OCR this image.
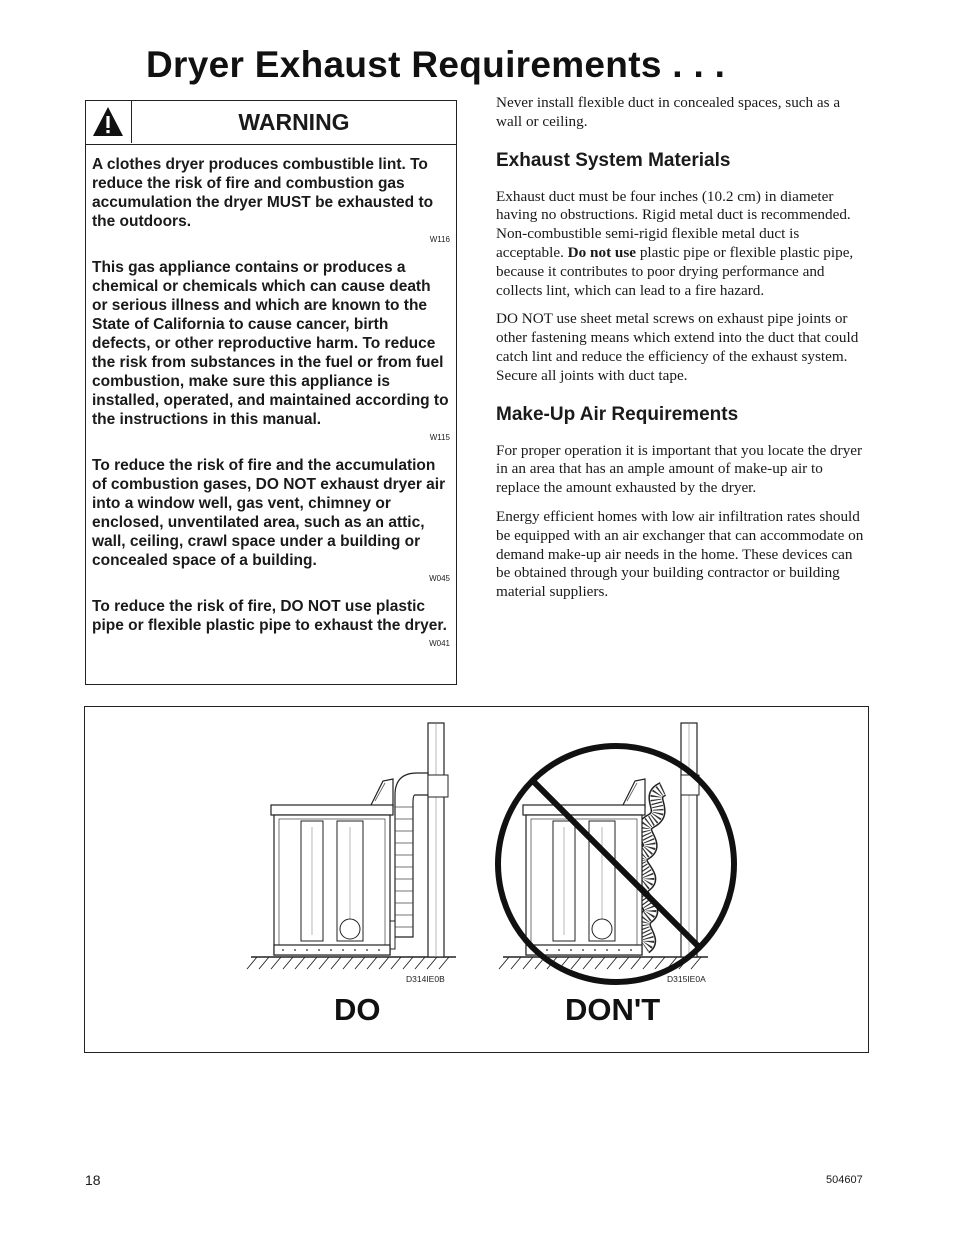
Dryer Exhaust Requirements . . .
WARNING

A clothes dryer produces combustible lint. To reduce the risk of fire and combustion gas accumulation the dryer MUST be exhausted to the outdoors.

W116

This gas appliance contains or produces a chemical or chemicals which can cause death or serious illness and which are known to the State of California to cause cancer, birth defects, or other reproductive harm. To reduce the risk from substances in the fuel or from fuel combustion, make sure this appliance is installed, operated, and maintained according to the instructions in this manual.

W115

To reduce the risk of fire and the accumulation of combustion gases, DO NOT exhaust dryer air into a window well, gas vent, chimney or enclosed, unventilated area, such as an attic, wall, ceiling, crawl space under a building or concealed space of a building.

W045

To reduce the risk of fire, DO NOT use plastic pipe or flexible plastic pipe to exhaust the dryer.

W041

Never install flexible duct in concealed spaces, such as a wall or ceiling.

Exhaust System Materials

Exhaust duct must be four inches (10.2 cm) in diameter having no obstructions. Rigid metal duct is recommended. Non-combustible semi-rigid flexible metal duct is acceptable. Do not use plastic pipe or flexible plastic pipe, because it contributes to poor drying performance and collects lint, which can lead to a fire hazard.

DO NOT use sheet metal screws on exhaust pipe joints or other fastening means which extend into the duct that could catch lint and reduce the efficiency of the exhaust system. Secure all joints with duct tape.

Make-Up Air Requirements

For proper operation it is important that you locate the dryer in an area that has an ample amount of make-up air to replace the amount exhausted by the dryer.

Energy efficient homes with low air infiltration rates should be equipped with an air exchanger that can accommodate on demand make-up air needs in the home. These devices can be obtained through your building contractor or building material suppliers.

D314IE0B	D315IE0A
DO	DON'T
18	504607
